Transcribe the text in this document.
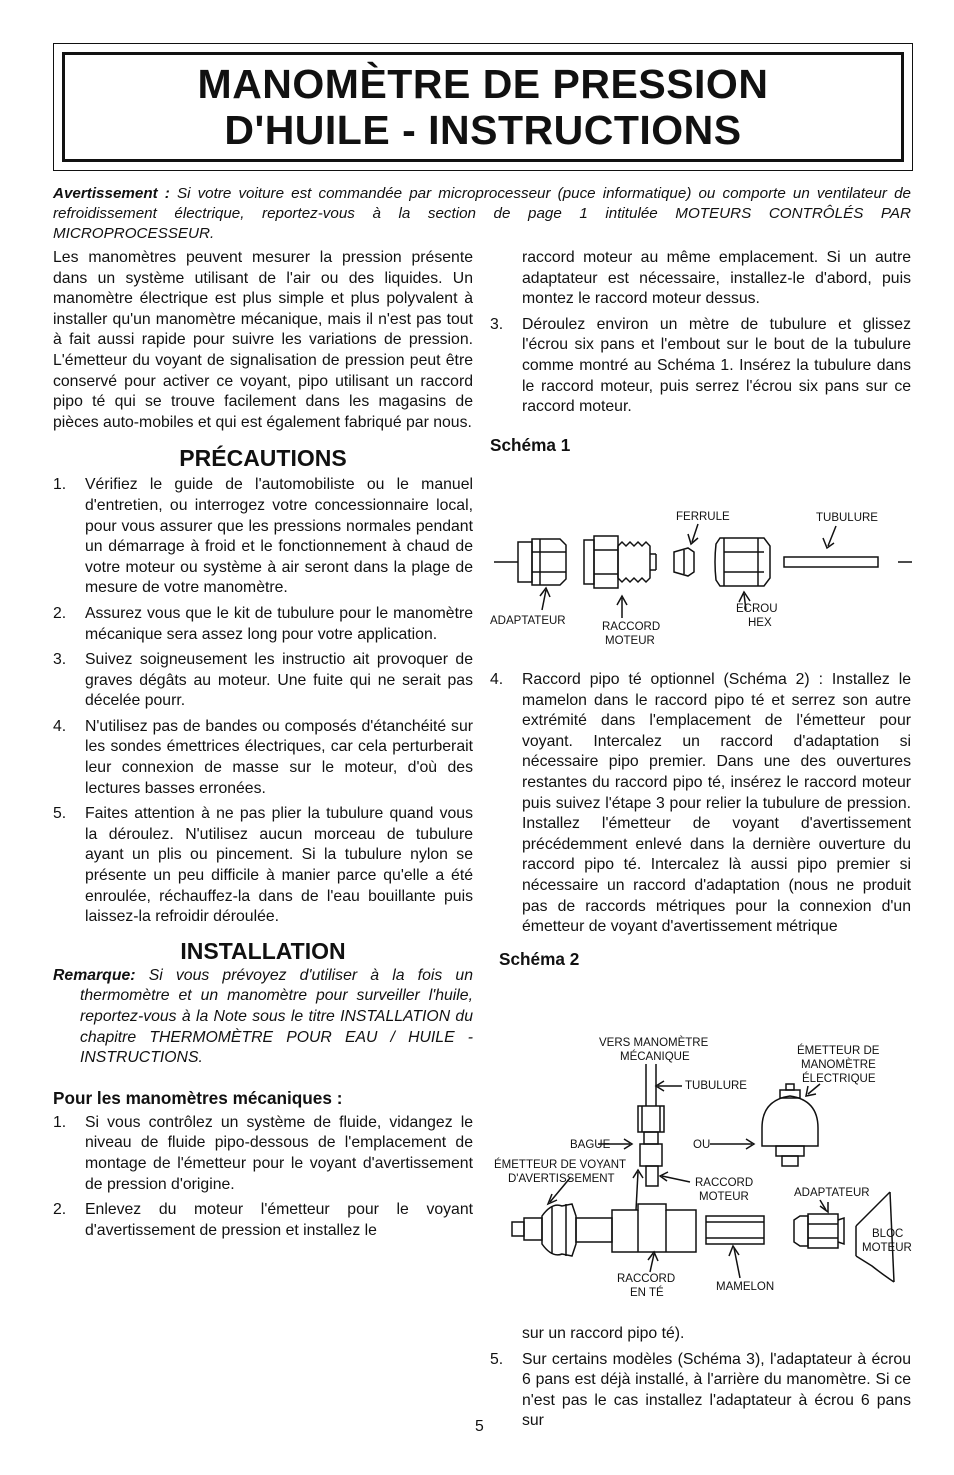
MANOMÈTRE DE PRESSION
D'HUILE - INSTRUCTIONS
Avertissement : Si votre voiture est commandée par microprocesseur (puce informatique) ou comporte un ventilateur de refroidissement électrique, reportez-vous à la section de page 1 intitulée MOTEURS CONTRÔLÉS PAR MICROPROCESSEUR.

Les manomètres peuvent mesurer la pression présente dans un système utilisant de l'air ou des liquides. Un manomètre électrique est plus simple et plus polyvalent à installer qu'un manomètre mécanique, mais il n'est pas tout à fait aussi rapide pour suivre les variations de pression. L'émetteur du voyant de signalisation de pression peut être conservé pour activer ce voyant, pipo utilisant un raccord pipo té qui se trouve facilement dans les magasins de pièces auto-mobiles et qui est également fabriqué par nous.

PRÉCAUTIONS
1. Vérifiez le guide de l'automobiliste ou le manuel d'entretien, ou interrogez votre concessionnaire local, pour vous assurer que les pressions normales pendant un démarrage à froid et le fonctionnement à chaud de votre moteur ou système à air seront dans la plage de mesure de votre manomètre.
2. Assurez vous que le kit de tubulure pour le manomètre mécanique sera assez long pour votre application.
3. Suivez soigneusement les instructio ait provoquer de graves dégâts au moteur. Une fuite qui ne serait pas décelée pourr.
4. N'utilisez pas de bandes ou composés d'étanchéité sur les sondes émettrices électriques, car cela perturberait leur connexion de masse sur le moteur, d'où des lectures basses erronées.
5. Faites attention à ne pas plier la tubulure quand vous la déroulez. N'utilisez aucun morceau de tubulure ayant un plis ou pincement. Si la tubulure nylon se présente un peu difficile à manier parce qu'elle a été enroulée, réchauffez-la dans de l'eau bouillante puis laissez-la refroidir déroulée.
INSTALLATION
Remarque: Si vous prévoyez d'utiliser à la fois un thermomètre et un manomètre pour surveiller l'huile, reportez-vous à la Note sous le titre INSTALLATION du chapitre THERMOMÈTRE POUR EAU / HUILE - INSTRUCTIONS.
Pour les manomètres mécaniques :
1. Si vous contrôlez un système de fluide, vidangez le niveau de fluide pipo-dessous de l'emplacement de montage de l'émetteur pour le voyant d'avertissement de pression d'origine.
2. Enlevez du moteur l'émetteur pour le voyant d'avertissement de pression et installez le
raccord moteur au même emplacement. Si un autre adaptateur est nécessaire, installez-le d'abord, puis montez le raccord moteur dessus.
3. Déroulez environ un mètre de tubulure et glissez l'écrou six pans et l'embout sur le bout de la tubulure comme montré au Schéma 1. Insérez la tubulure dans le raccord moteur, puis serrez l'écrou six pans sur ce raccord moteur.
Schéma 1
FERRULE	TUBULURE
ADAPTATEUR	RACCORD
MOTEUR
ECROU
HEX
4. Raccord pipo té optionnel (Schéma 2) : Installez le mamelon dans le raccord pipo té et serrez son autre extrémité dans l'emplacement de l'émetteur pour voyant. Intercalez un raccord d'adaptation si nécessaire pipo premier. Dans une des ouvertures restantes du raccord pipo té, insérez le raccord moteur puis suivez l'étape 3 pour relier la tubulure de pression. Installez l'émetteur de voyant d'avertissement précédemment enlevé dans la dernière ouverture du raccord pipo té. Intercalez là aussi pipo premier si nécessaire un raccord d'adaptation (nous ne produit pas de raccords métriques pour la connexion d'un émetteur de voyant d'avertissement métrique
Schéma 2
VERS MANOMÈTRE
MÉCANIQUE	ÉMETTEUR DE
MANOMÈTRE
ÉLECTRIQUE
TUBULURE
BAGUE	OU
ÉMETTEUR DE VOYANT
D'AVERTISSEMENT	RACCORD
MOTEUR	ADAPTATEUR
BLOC
MOTEUR
RACCORD
EN TÉ	MAMELON
sur un raccord pipo té).
5. Sur certains modèles (Schéma 3), l'adaptateur à écrou 6 pans est déjà installé, à l'arrière du manomètre. Si ce n'est pas le cas installez l'adaptateur à écrou 6 pans sur
5
